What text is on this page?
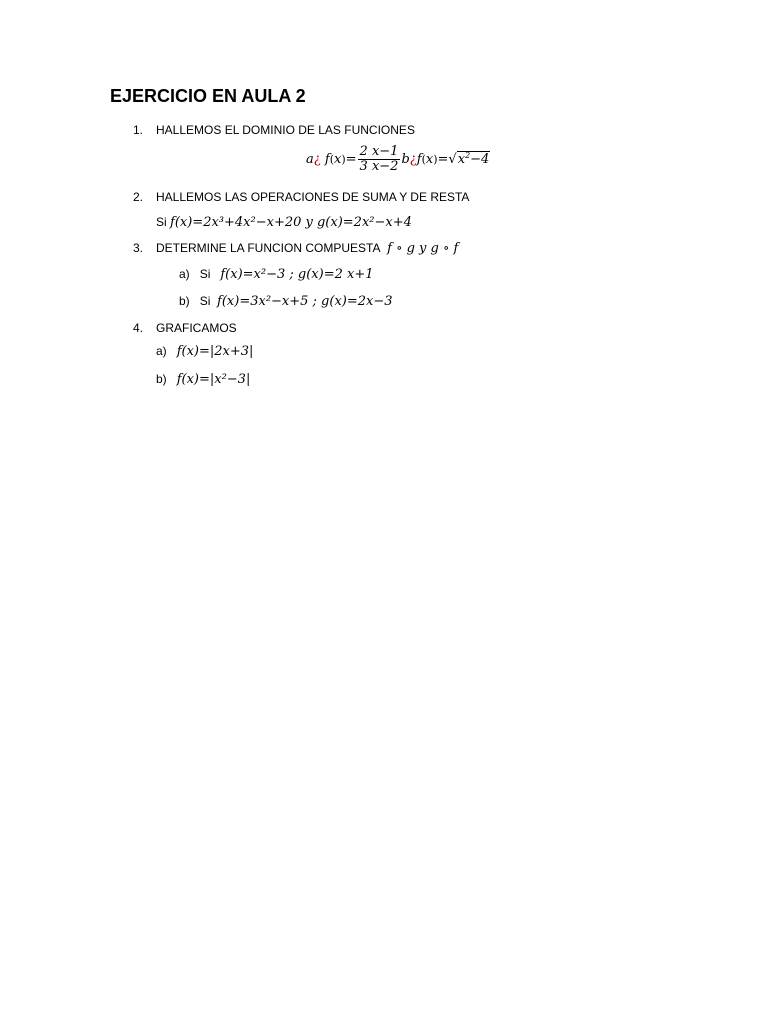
EJERCICIO EN AULA 2
1. HALLEMOS EL DOMINIO DE LAS FUNCIONES
a¿ $f(x)= \frac{2 x-1}{3 x-2}$ $b¿f(x)=√x^2-4$
2. HALLEMOS LAS OPERACIONES DE SUMA Y DE RESTA
Si f(x)=2x³+4x²−x+20 y g(x)=2x²−x+4
3. DETERMINE LA FUNCION COMPUESTA f ∘ g y g ∘ f
a) Si f(x)=x²−3 ; g(x)=2 x+1
b) Si f(x)=3x²−x+5 ; g(x)=2x−3
4. GRAFICAMOS
a) f(x)=|2x+3|
b) f(x)=|x²−3|
